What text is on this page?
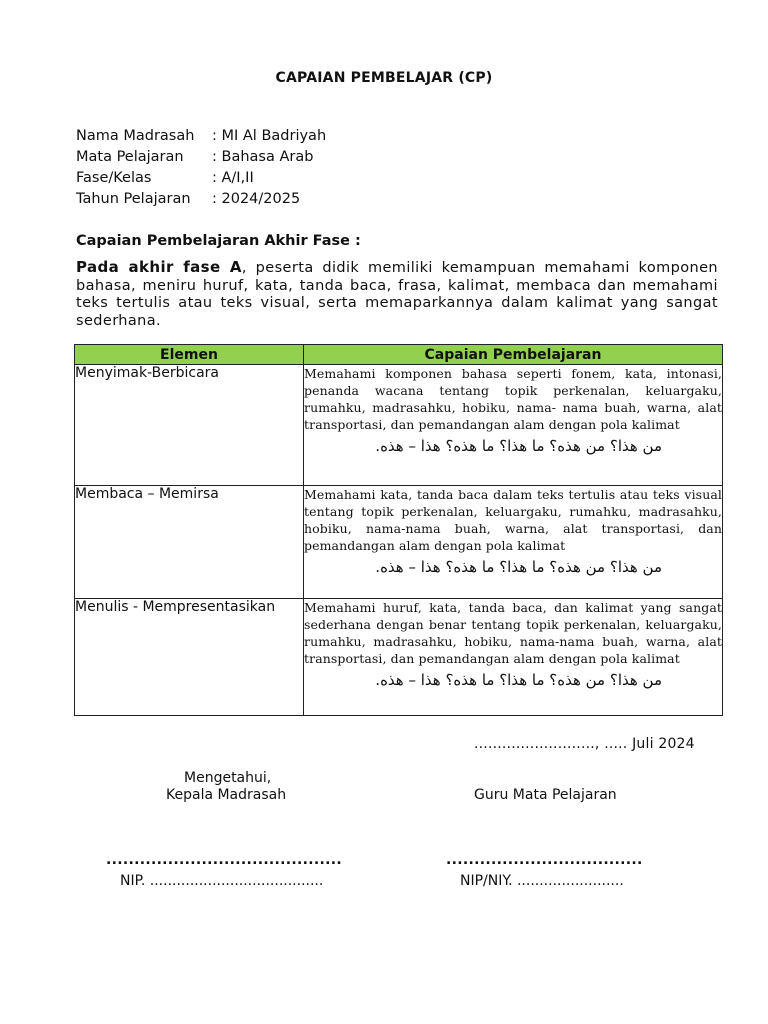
CAPAIAN PEMBELAJAR (CP)
Nama Madrasah	: MI Al Badriyah
Mata Pelajaran	: Bahasa Arab
Fase/Kelas	: A/I,II
Tahun Pelajaran	: 2024/2025
Capaian Pembelajaran Akhir Fase :
Pada akhir fase A, peserta didik memiliki kemampuan memahami komponen bahasa, meniru huruf, kata, tanda baca, frasa, kalimat, membaca dan memahami teks tertulis atau teks visual, serta memaparkannya dalam kalimat yang sangat sederhana.
Elemen	Capaian Pembelajaran
Menyimak-Berbicara	Memahami komponen bahasa seperti fonem, kata, intonasi, penanda wacana tentang topik perkenalan, keluargaku, rumahku, madrasahku, hobiku, nama- nama buah, warna, alat transportasi, dan pemandangan alam dengan pola kalimat
من هذا؟ من هذه؟ ما هذا؟ ما هذه؟ هذا – هذه.

Membaca – Memirsa	Memahami kata, tanda baca dalam teks tertulis atau teks visual tentang topik perkenalan, keluargaku, rumahku, madrasahku, hobiku, nama-nama buah, warna, alat transportasi, dan pemandangan alam dengan pola kalimat
من هذا؟ من هذه؟ ما هذا؟ ما هذه؟ هذا – هذه.

Menulis - Mempresentasikan	Memahami huruf, kata, tanda baca, dan kalimat yang sangat sederhana dengan benar tentang topik perkenalan, keluargaku, rumahku, madrasahku, hobiku, nama-nama buah, warna, alat transportasi, dan pemandangan alam dengan pola kalimat
من هذا؟ من هذه؟ ما هذا؟ ما هذه؟ هذا – هذه.
.........................., ..... Juli 2024
Mengetahui,
Kepala Madrasah	Guru Mata Pelajaran
..........................................	...................................
NIP. .......................................	NIP/NIY. ........................
